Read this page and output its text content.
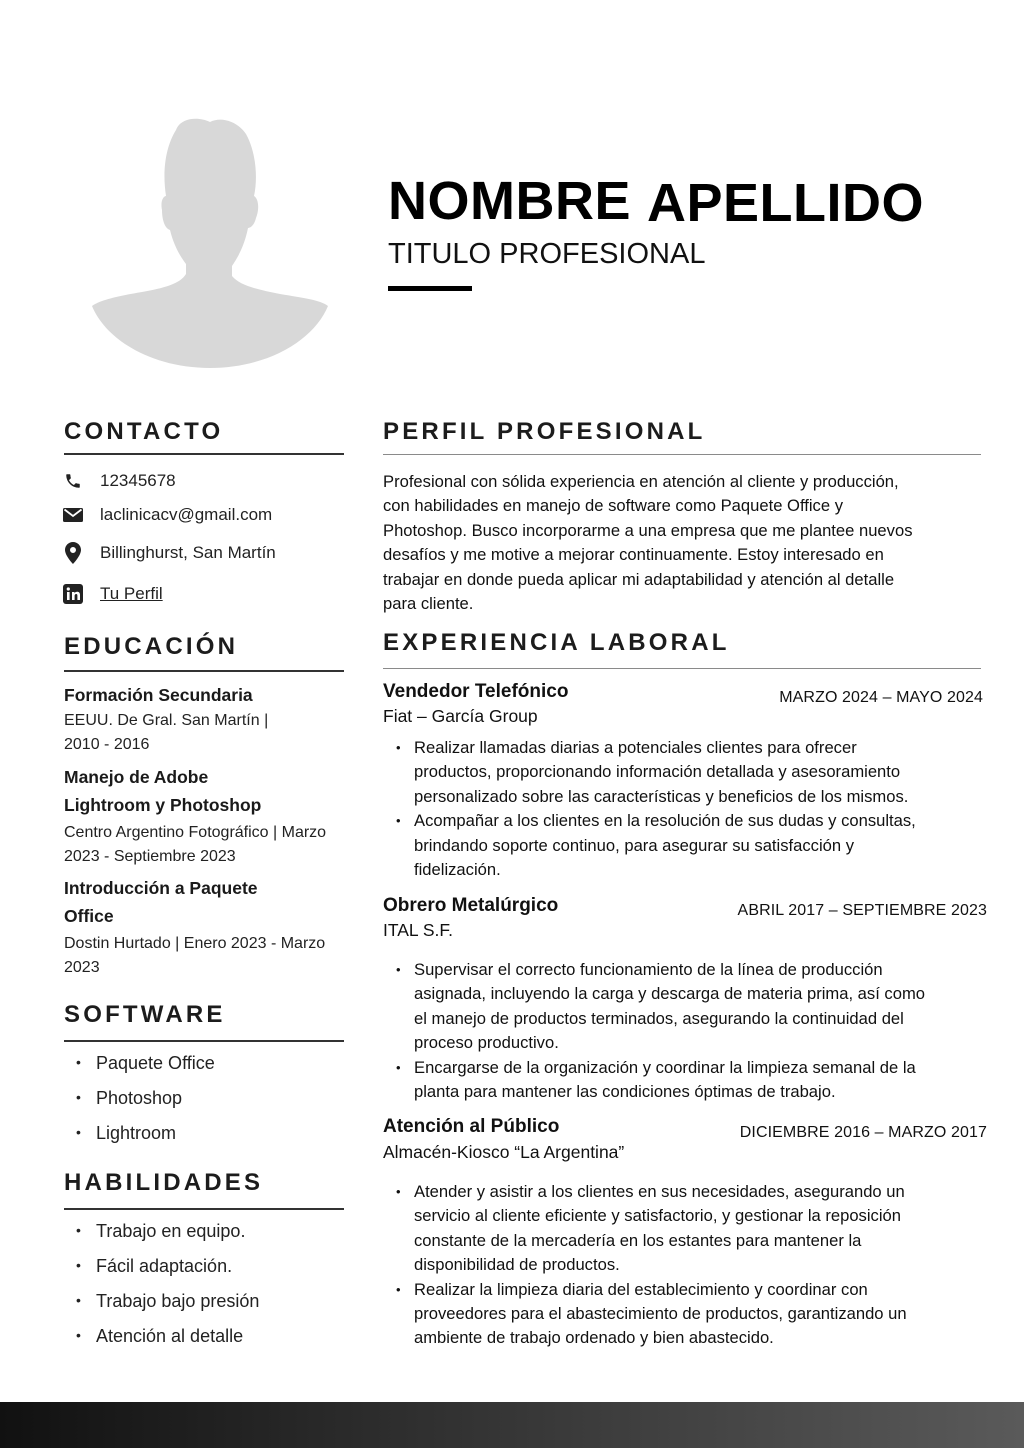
NOMBRE APELLIDO
TITULO PROFESIONAL
CONTACTO
12345678
laclinicacv@gmail.com
Billinghurst, San Martín
Tu Perfil
EDUCACIÓN
Formación Secundaria
EEUU. De Gral. San Martín |
2010 - 2016
Manejo de Adobe
Lightroom y Photoshop
Centro Argentino Fotográfico | Marzo
2023 - Septiembre 2023
Introducción a Paquete
Office
Dostin Hurtado | Enero 2023 - Marzo
2023
SOFTWARE
• Paquete Office
• Photoshop
• Lightroom
HABILIDADES
• Trabajo en equipo.
• Fácil adaptación.
• Trabajo bajo presión
• Atención al detalle
PERFIL PROFESIONAL
Profesional con sólida experiencia en atención al cliente y producción,
con habilidades en manejo de software como Paquete Office y
Photoshop. Busco incorporarme a una empresa que me plantee nuevos
desafíos y me motive a mejorar continuamente. Estoy interesado en
trabajar en donde pueda aplicar mi adaptabilidad y atención al detalle
para cliente.
EXPERIENCIA LABORAL
Vendedor Telefónico	MARZO 2024 – MAYO 2024
Fiat – García Group
• Realizar llamadas diarias a potenciales clientes para ofrecer
productos, proporcionando información detallada y asesoramiento
personalizado sobre las características y beneficios de los mismos.
• Acompañar a los clientes en la resolución de sus dudas y consultas,
brindando soporte continuo, para asegurar su satisfacción y
fidelización.
Obrero Metalúrgico	ABRIL 2017 – SEPTIEMBRE 2023
ITAL S.F.
• Supervisar el correcto funcionamiento de la línea de producción
asignada, incluyendo la carga y descarga de materia prima, así como
el manejo de productos terminados, asegurando la continuidad del
proceso productivo.
• Encargarse de la organización y coordinar la limpieza semanal de la
planta para mantener las condiciones óptimas de trabajo.
Atención al Público	DICIEMBRE 2016 – MARZO 2017
Almacén-Kiosco “La Argentina”
• Atender y asistir a los clientes en sus necesidades, asegurando un
servicio al cliente eficiente y satisfactorio, y gestionar la reposición
constante de la mercadería en los estantes para mantener la
disponibilidad de productos.
• Realizar la limpieza diaria del establecimiento y coordinar con
proveedores para el abastecimiento de productos, garantizando un
ambiente de trabajo ordenado y bien abastecido.
